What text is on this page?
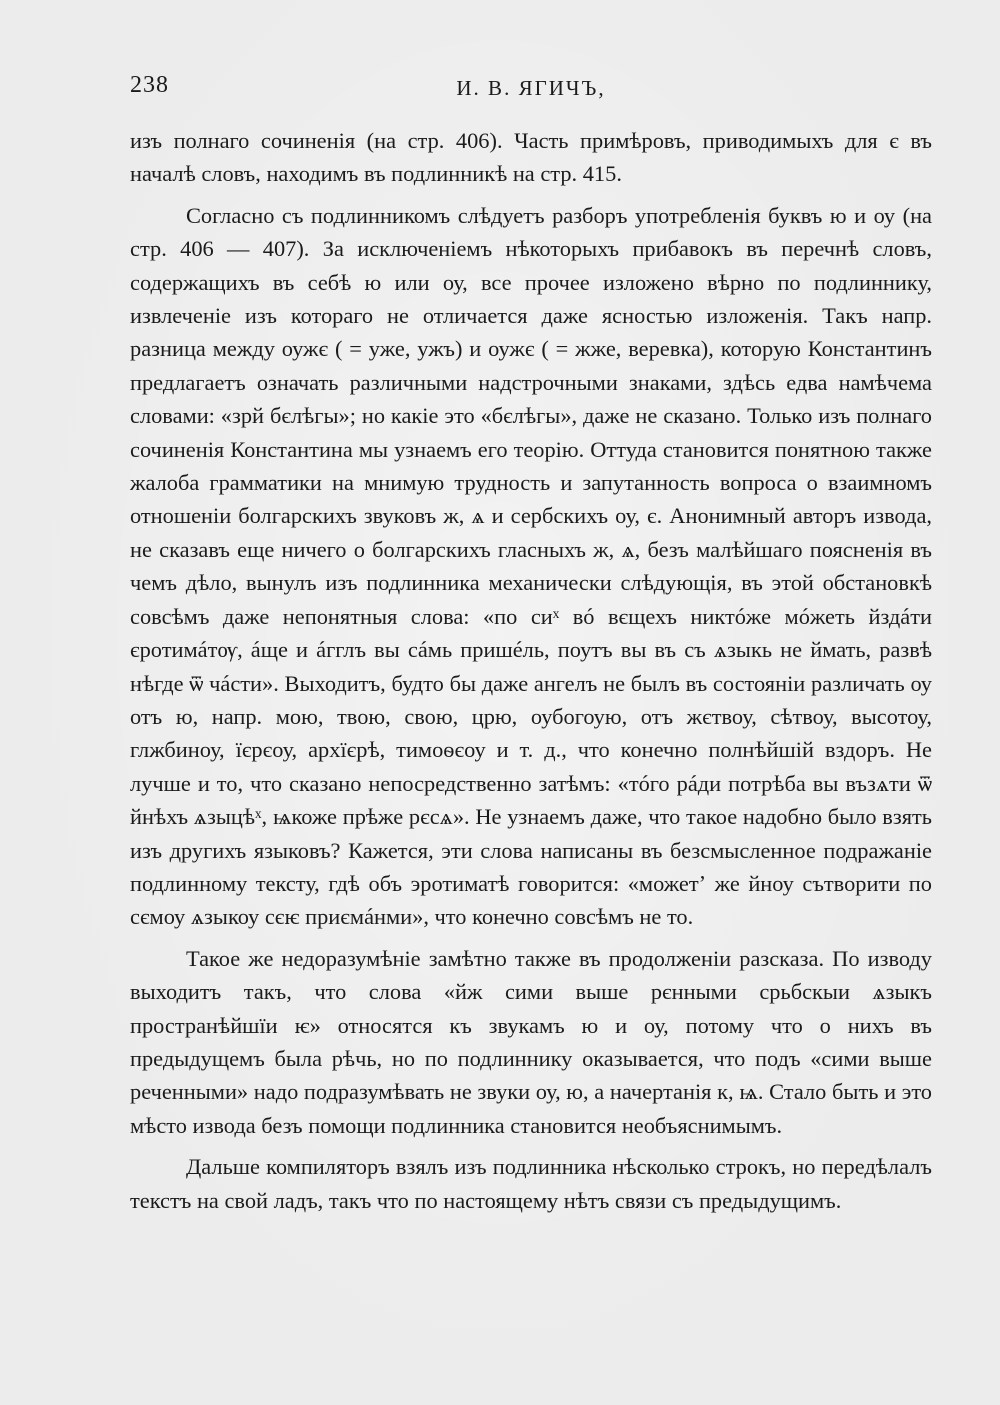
238	И. В. ЯГИЧЪ,

изъ полнаго сочиненія (на стр. 406). Часть примѣровъ, приводимыхъ для є въ началѣ словъ, находимъ въ подлинникѣ на стр. 415.

Согласно съ подлинникомъ слѣдуетъ разборъ употребленія буквъ ю и оу (на стр. 406 — 407). За исключеніемъ нѣкоторыхъ прибавокъ въ перечнѣ словъ, содержащихъ въ себѣ ю или оу, все прочее изложено вѣрно по подлиннику, извлеченіе изъ котораго не отличается даже ясностью изложенія. Такъ напр. разница между оужє ( = уже, ужъ) и оужє ( = жже, веревка), которую Константинъ предлагаетъ означать различными надстрочными знаками, здѣсь едва намѣчема словами: «зрй бєлѣгы»; но какіе это «бєлѣгы», даже не сказано. Только изъ полнаго сочиненія Константина мы узнаемъ его теорію. Оттуда становится понятною также жалоба грамматики на мнимую трудность и запутанность вопроса о взаимномъ отношеніи болгарскихъ звуковъ ж, ѧ и сербскихъ оу, є. Анонимный авторъ извода, не сказавъ еще ничего о болгарскихъ гласныхъ ж, ѧ, безъ малѣйшаго поясненія въ чемъ дѣло, вынулъ изъ подлинника механически слѣдующія, въ этой обстановкѣ совсѣмъ даже непонятныя слова: «по сиˣ вó вєщехъ никтóже мóжеть йздáти єротимáтѹ, áще и áгглъ вы сáмь пришéль, поутъ вы въ съ ѧзыкь не ймать, развѣ нѣгде ѿ чáсти». Выходитъ, будто бы даже ангелъ не былъ въ состояніи различать оу отъ ю, напр. мою, твою, свою, црю, оубогоую, отъ жєтвоу, сѣтвоу, высотоу, глжбиноу, їєрєоу, архїєрѣ, тимоѳєоу и т. д., что конечно полнѣйшій вздоръ. Не лучше и то, что сказано непосредственно затѣмъ: «тóго рáди потрѣба вы възѧти ѿ йнѣхъ ѧзыцѣˣ, ѩкоже прѣже рєсѧ». Не узнаемъ даже, что такое надобно было взять изъ другихъ языковъ? Кажется, эти слова написаны въ безсмысленное подражаніе подлинному тексту, гдѣ объ эротиматѣ говорится: «можетʼ же йноу сътворити по сємоу ѧзыкоу сєѥ приємáнми», что конечно совсѣмъ не то.

Такое же недоразумѣніе замѣтно также въ продолженіи разсказа. По изводу выходитъ такъ, что слова «йж сими выше рєнными срьбскыи ѧзыкъ пространѣйшїи ѥ» относятся къ звукамъ ю и оу, потому что о нихъ въ предыдущемъ была рѣчь, но по подлиннику оказывается, что подъ «сими выше реченными» надо подразумѣвать не звуки оу, ю, а начертанія к, ѩ. Стало быть и это мѣсто извода безъ помощи подлинника становится необъяснимымъ.

Дальше компиляторъ взялъ изъ подлинника нѣсколько строкъ, но передѣлалъ текстъ на свой ладъ, такъ что по настоящему нѣтъ связи съ предыдущимъ.
